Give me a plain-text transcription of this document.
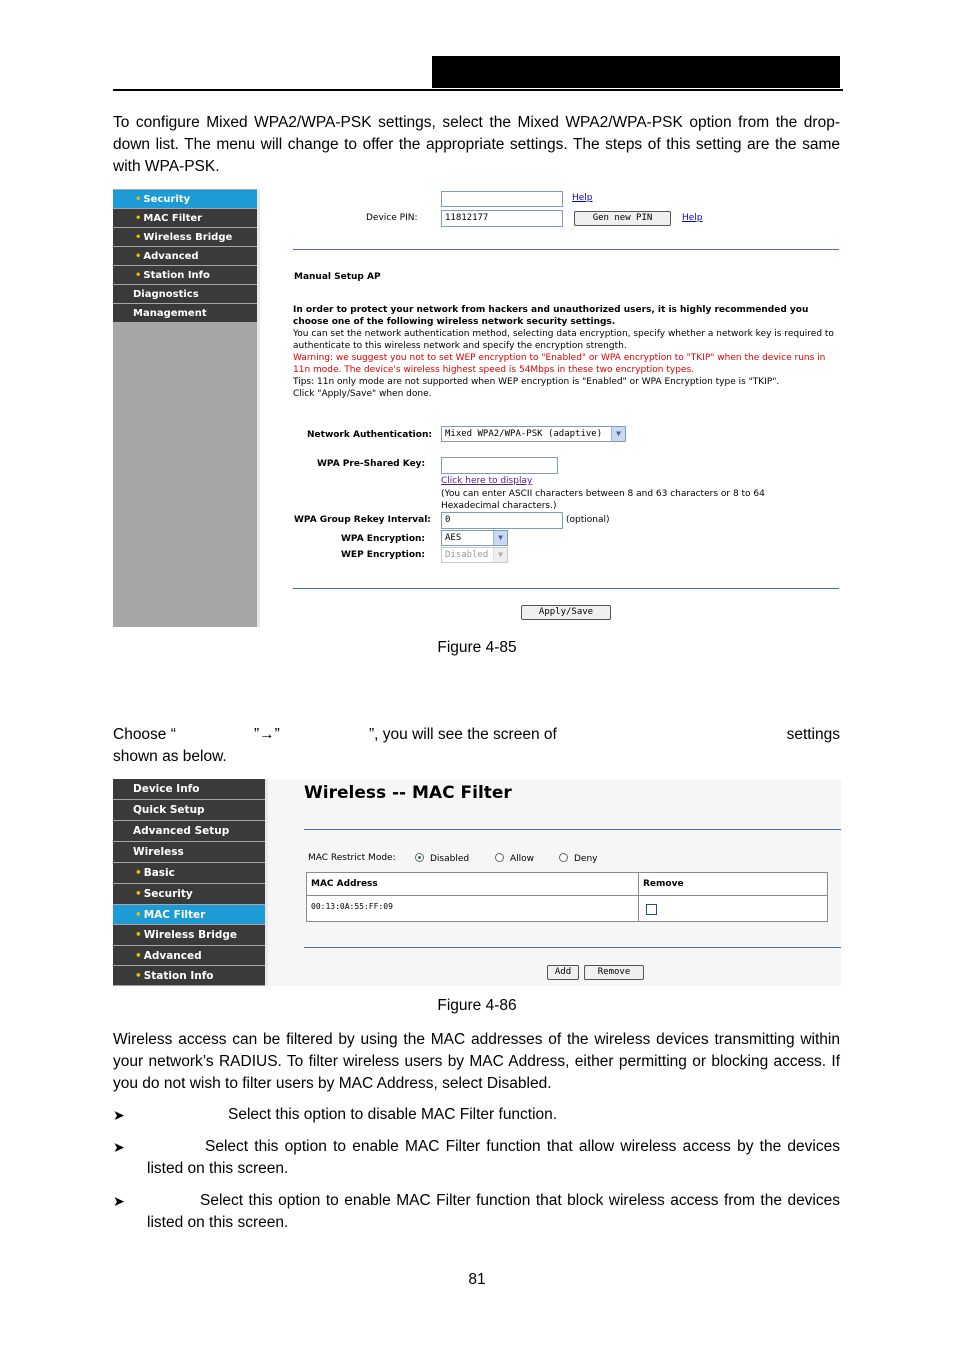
To configure Mixed WPA2/WPA-PSK settings, select the Mixed WPA2/WPA-PSK option from the drop-down list. The menu will change to offer the appropriate settings. The steps of this setting are the same with WPA-PSK.
• Security
• MAC Filter
• Wireless Bridge
• Advanced
• Station Info
Diagnostics
Management
Help
Device PIN:	11812177	Gen new PIN	Help
Manual Setup AP
In order to protect your network from hackers and unauthorized users, it is highly recommended you choose one of the following wireless network security settings.
You can set the network authentication method, selecting data encryption, specify whether a network key is required to authenticate to this wireless network and specify the encryption strength.
Warning: we suggest you not to set WEP encryption to "Enabled" or WPA encryption to "TKIP" when the device runs in 11n mode. The device's wireless highest speed is 54Mbps in these two encryption types.
Tips: 11n only mode are not supported when WEP encryption is "Enabled" or WPA Encryption type is "TKIP".
Click "Apply/Save" when done.
Network Authentication:	Mixed WPA2/WPA-PSK (adaptive)	▼
WPA Pre-Shared Key:
Click here to display
(You can enter ASCII characters between 8 and 63 characters or 8 to 64 Hexadecimal characters.)
WPA Group Rekey Interval:	0	(optional)
WPA Encryption:	AES	▼
WEP Encryption:	Disabled	▼
Apply/Save
Figure 4-85
Choose “	”→”	”, you will see the screen of	settings
shown as below.
Device Info
Quick Setup
Advanced Setup
Wireless
• Basic
• Security
• MAC Filter
• Wireless Bridge
• Advanced
• Station Info
Wireless -- MAC Filter
MAC Restrict Mode:	Disabled	Allow	Deny
MAC Address	Remove
00:13:0A:55:FF:09
Add	Remove
Figure 4-86
Wireless access can be filtered by using the MAC addresses of the wireless devices transmitting within your network’s RADIUS. To filter wireless users by MAC Address, either permitting or blocking access. If you do not wish to filter users by MAC Address, select Disabled.
➤	Select this option to disable MAC Filter function.
➤	Select this option to enable MAC Filter function that allow wireless access by the devices listed on this screen.
➤	Select this option to enable MAC Filter function that block wireless access from the devices listed on this screen.
81
